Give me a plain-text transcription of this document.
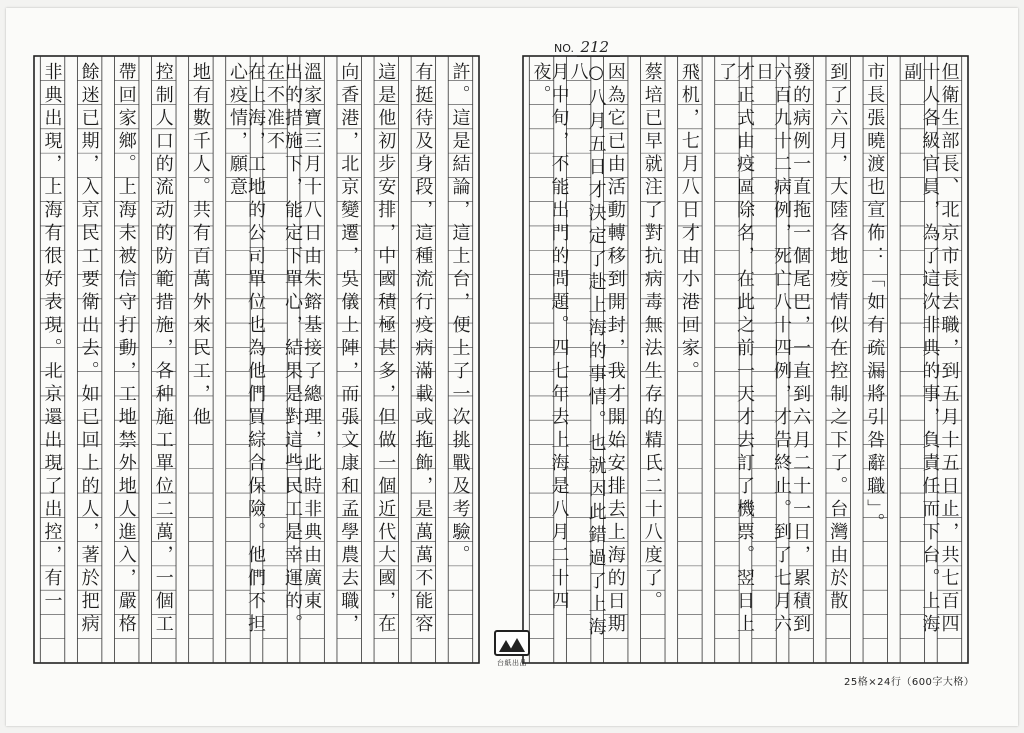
NO. 212
台紙出品
25格×24行（600字大格）
但衛生部長、北京市長去職，到五月十五日止，共七百四
十人各級官員，為了這次非典的事，負責任而下台。上海副
市長張曉渡也宣佈：「如有疏漏將引咎辭職」。
到了六月，大陸各地疫情似在控制之下了。台灣由於散
發的病例一直拖一個尾巴，一直到六月二十一日，累積到
六百九十二病例，死亡八十四例，才告終止。到了七月六日
才正式由疫區除名，在此之前一天才去訂了機票。翌日上了
飛机，七月八日才由小港回家。
蔡培已早就注了對抗病毒無法生存的精氏二十八度了。
因為它已由活動轉移到開封，我才開始安排去上海的日期
○八月五日才決定了赴上海的事情。也就因此錯過了上海八
月中旬，不能出門的問題。四七年去上海是八月二十四夜。
許。這是結論，這上台，便上了一次挑戰及考驗。
有挺待及身段，這種流行疫病滿載或拖飾，是萬萬不能容
這是他初步安排，中國積極甚多，但做一個近代大國，在
向香港，北京變遷，吳儀上陣，而張文康和孟學農去職，
溫家寶三月十八日由朱鎔基接了總理，此時非典由廣東
出的措施下，能定下單心，結果是對這些民工是幸運的。在不准不
在上海，工地的公司單位也為他們買綜合保險。他們不担心疫情，願意
地有數千人。共有百萬外來民工，他
控制人口的流动的防範措施，各种施工單位二萬，一個工
帶回家鄉。上海未被信守打動，工地禁外地人進入，嚴格
餘迷已期，入京民工要衛出去。如已回上的人，著於把病
非典出現，上海有很好表現。北京還出現了出控，有一
